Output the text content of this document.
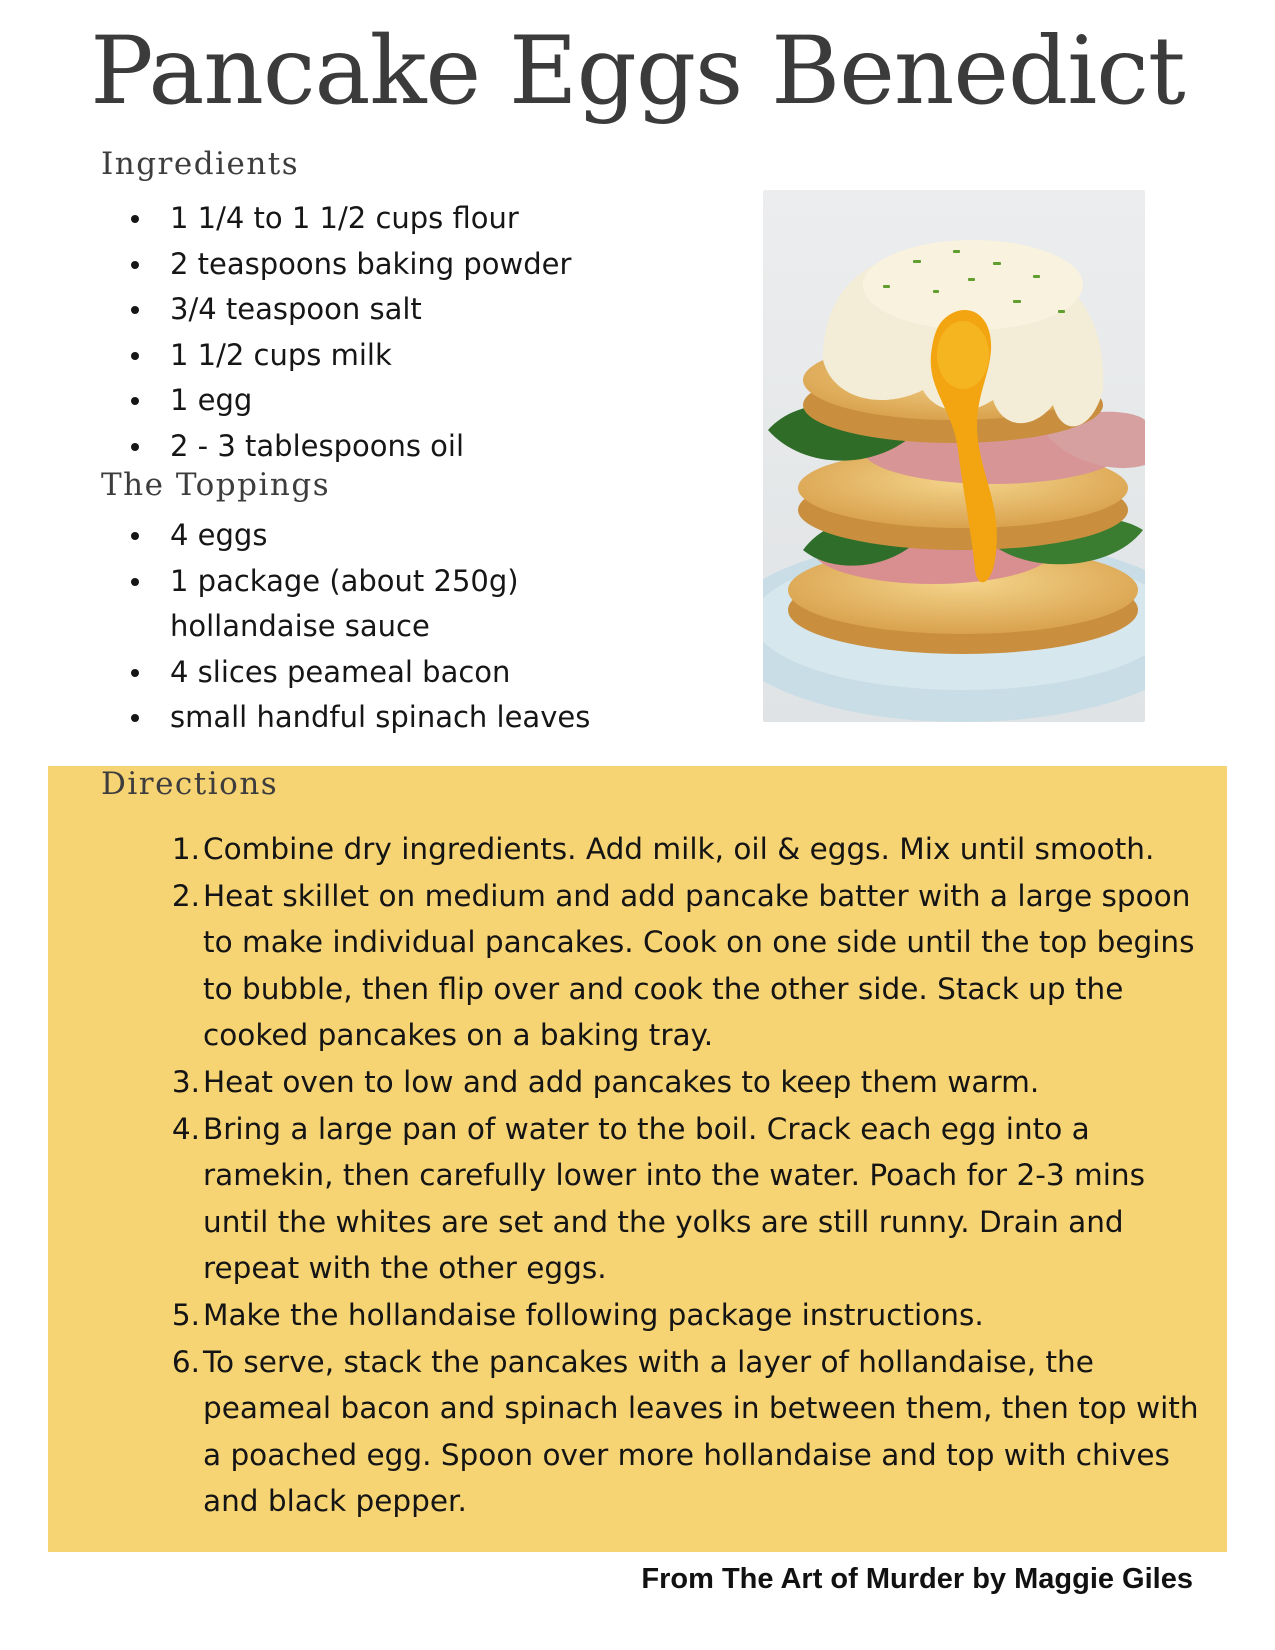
Pancake Eggs Benedict
Ingredients
1 1/4 to 1 1/2 cups flour
2 teaspoons baking powder
3/4 teaspoon salt
1 1/2 cups milk
1 egg
2 - 3 tablespoons oil
The Toppings
4 eggs
1 package (about 250g) hollandaise sauce
4 slices peameal bacon
small handful spinach leaves
Directions
1. Combine dry ingredients. Add milk, oil & eggs. Mix until smooth.
2. Heat skillet on medium and add pancake batter with a large spoon to make individual pancakes. Cook on one side until the top begins to bubble, then flip over and cook the other side. Stack up the cooked pancakes on a baking tray.
3. Heat oven to low and add pancakes to keep them warm.
4. Bring a large pan of water to the boil. Crack each egg into a ramekin, then carefully lower into the water. Poach for 2-3 mins until the whites are set and the yolks are still runny. Drain and repeat with the other eggs.
5. Make the hollandaise following package instructions.
6. To serve, stack the pancakes with a layer of hollandaise, the peameal bacon and spinach leaves in between them, then top with a poached egg. Spoon over more hollandaise and top with chives and black pepper.

From The Art of Murder by Maggie Giles
